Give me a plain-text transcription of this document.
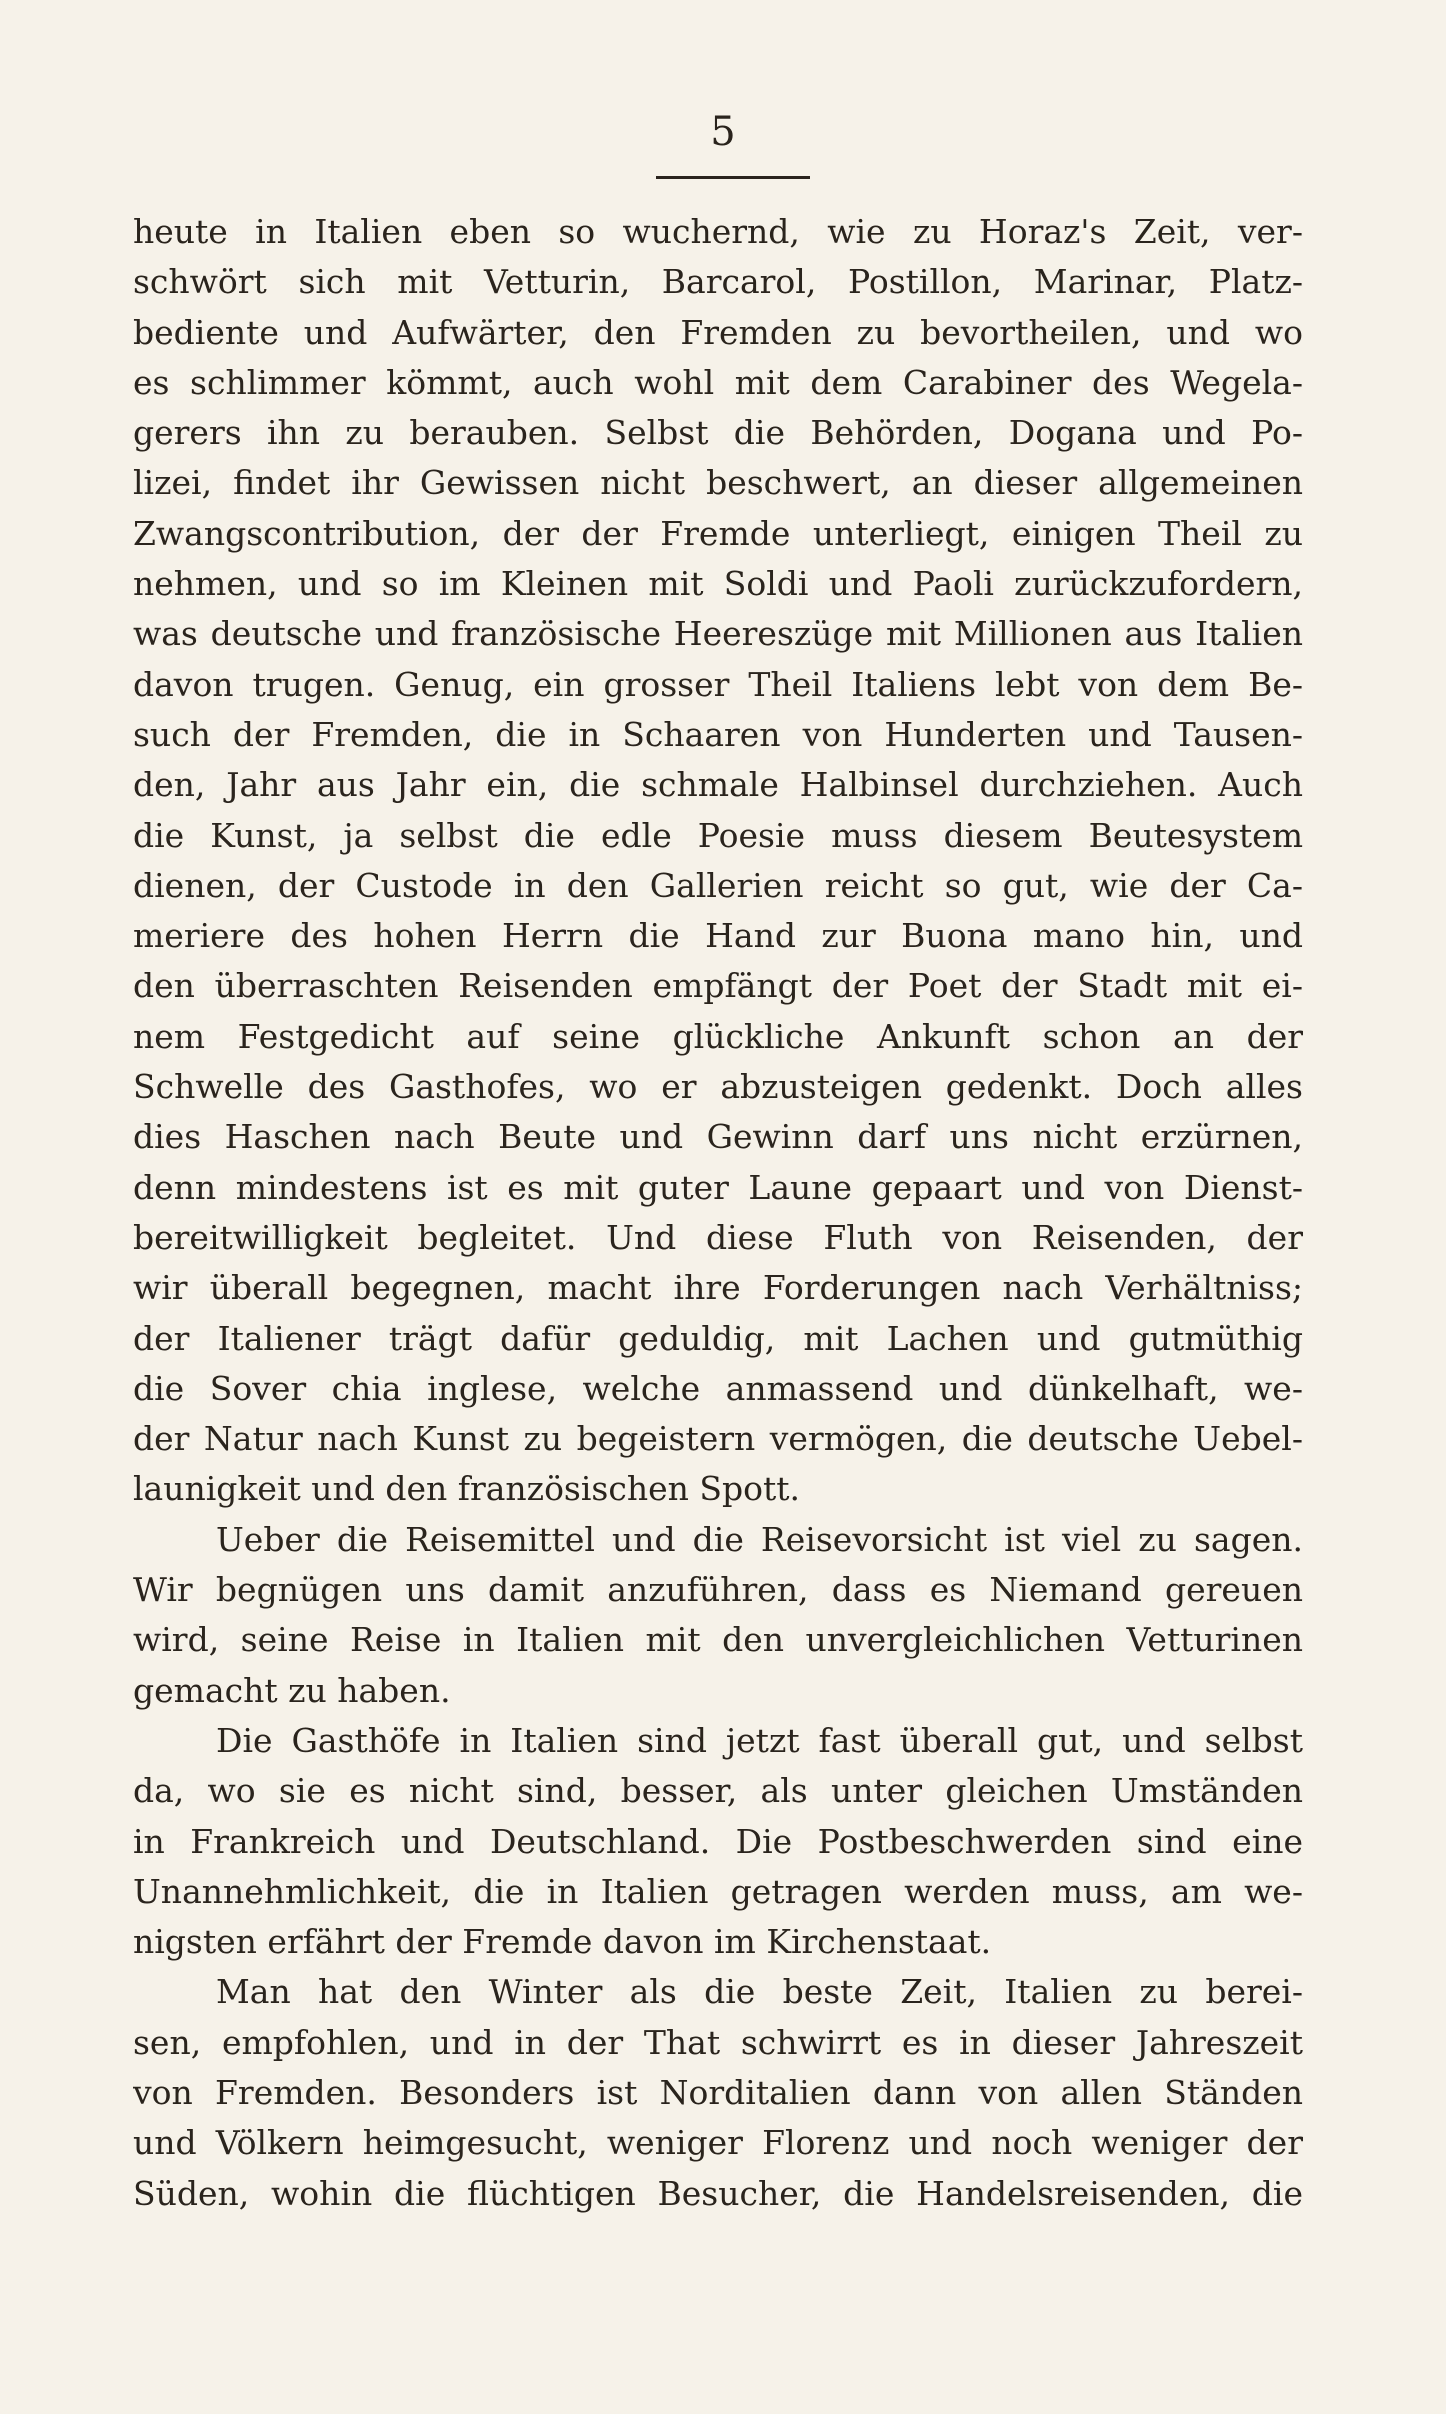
5
heute in Italien eben so wuchernd, wie zu Horaz's Zeit, ver-
schwört sich mit Vetturin, Barcarol, Postillon, Marinar, Platz-
bediente und Aufwärter, den Fremden zu bevortheilen, und wo
es schlimmer kömmt, auch wohl mit dem Carabiner des Wegela-
gerers ihn zu berauben. Selbst die Behörden, Dogana und Po-
lizei, findet ihr Gewissen nicht beschwert, an dieser allgemeinen
Zwangscontribution, der der Fremde unterliegt, einigen Theil zu
nehmen, und so im Kleinen mit Soldi und Paoli zurückzufordern,
was deutsche und französische Heereszüge mit Millionen aus Italien
davon trugen. Genug, ein grosser Theil Italiens lebt von dem Be-
such der Fremden, die in Schaaren von Hunderten und Tausen-
den, Jahr aus Jahr ein, die schmale Halbinsel durchziehen. Auch
die Kunst, ja selbst die edle Poesie muss diesem Beutesystem
dienen, der Custode in den Gallerien reicht so gut, wie der Ca-
meriere des hohen Herrn die Hand zur Buona mano hin, und
den überraschten Reisenden empfängt der Poet der Stadt mit ei-
nem Festgedicht auf seine glückliche Ankunft schon an der
Schwelle des Gasthofes, wo er abzusteigen gedenkt. Doch alles
dies Haschen nach Beute und Gewinn darf uns nicht erzürnen,
denn mindestens ist es mit guter Laune gepaart und von Dienst-
bereitwilligkeit begleitet. Und diese Fluth von Reisenden, der
wir überall begegnen, macht ihre Forderungen nach Verhältniss;
der Italiener trägt dafür geduldig, mit Lachen und gutmüthig
die Sover chia inglese, welche anmassend und dünkelhaft, we-
der Natur nach Kunst zu begeistern vermögen, die deutsche Uebel-
launigkeit und den französischen Spott.
Ueber die Reisemittel und die Reisevorsicht ist viel zu sagen.
Wir begnügen uns damit anzuführen, dass es Niemand gereuen
wird, seine Reise in Italien mit den unvergleichlichen Vetturinen
gemacht zu haben.
Die Gasthöfe in Italien sind jetzt fast überall gut, und selbst
da, wo sie es nicht sind, besser, als unter gleichen Umständen
in Frankreich und Deutschland. Die Postbeschwerden sind eine
Unannehmlichkeit, die in Italien getragen werden muss, am we-
nigsten erfährt der Fremde davon im Kirchenstaat.
Man hat den Winter als die beste Zeit, Italien zu berei-
sen, empfohlen, und in der That schwirrt es in dieser Jahreszeit
von Fremden. Besonders ist Norditalien dann von allen Ständen
und Völkern heimgesucht, weniger Florenz und noch weniger der
Süden, wohin die flüchtigen Besucher, die Handelsreisenden, die
